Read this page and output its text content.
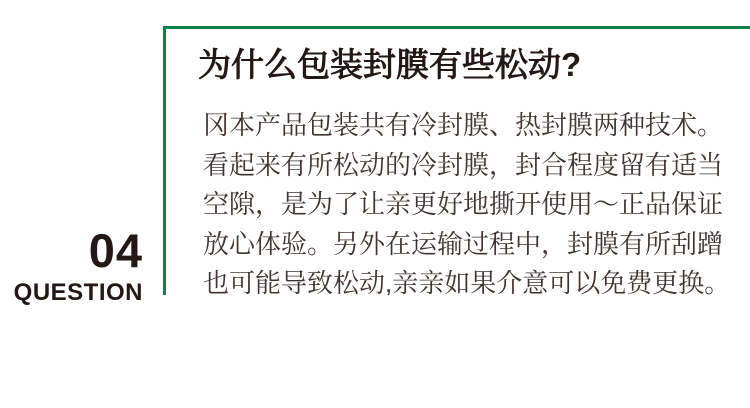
04
QUESTION
为什么包装封膜有些松动?
冈本产品包装共有冷封膜、热封膜两种技术。
看起来有所松动的冷封膜，封合程度留有适当
空隙，是为了让亲更好地撕开使用～正品保证
放心体验。另外在运输过程中，封膜有所刮蹭
也可能导致松动,亲亲如果介意可以免费更换。
